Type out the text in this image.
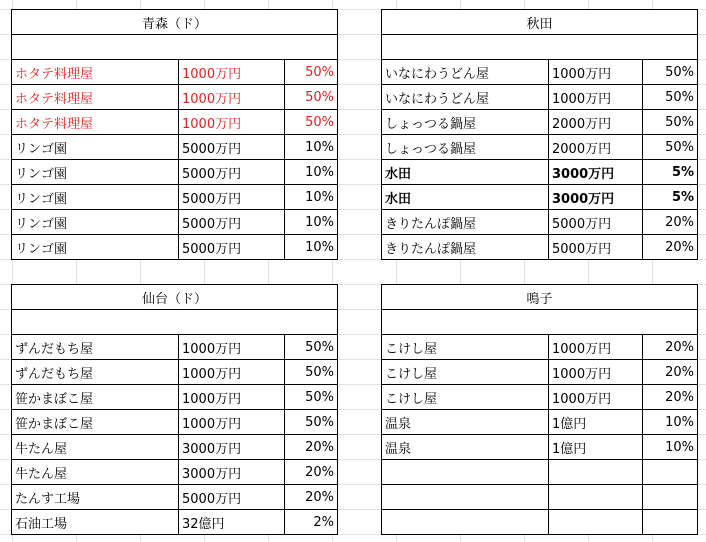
青森（ド）		

ホタテ料理屋	1000万円	50%
ホタテ料理屋	1000万円	50%
ホタテ料理屋	1000万円	50%
リンゴ園	5000万円	10%
リンゴ園	5000万円	10%
リンゴ園	5000万円	10%
リンゴ園	5000万円	10%
リンゴ園	5000万円	10%
秋田		

いなにわうどん屋	1000万円	50%
いなにわうどん屋	1000万円	50%
しょっつる鍋屋	2000万円	50%
しょっつる鍋屋	2000万円	50%
水田	3000万円	5%
水田	3000万円	5%
きりたんぽ鍋屋	5000万円	20%
きりたんぽ鍋屋	5000万円	20%
仙台（ド）		

ずんだもち屋	1000万円	50%
ずんだもち屋	1000万円	50%
笹かまぼこ屋	1000万円	50%
笹かまぼこ屋	1000万円	50%
牛たん屋	3000万円	20%
牛たん屋	3000万円	20%
たんす工場	5000万円	20%
石油工場	32億円	2%
鳴子		

こけし屋	1000万円	20%
こけし屋	1000万円	20%
こけし屋	1000万円	20%
温泉	1億円	10%
温泉	1億円	10%
